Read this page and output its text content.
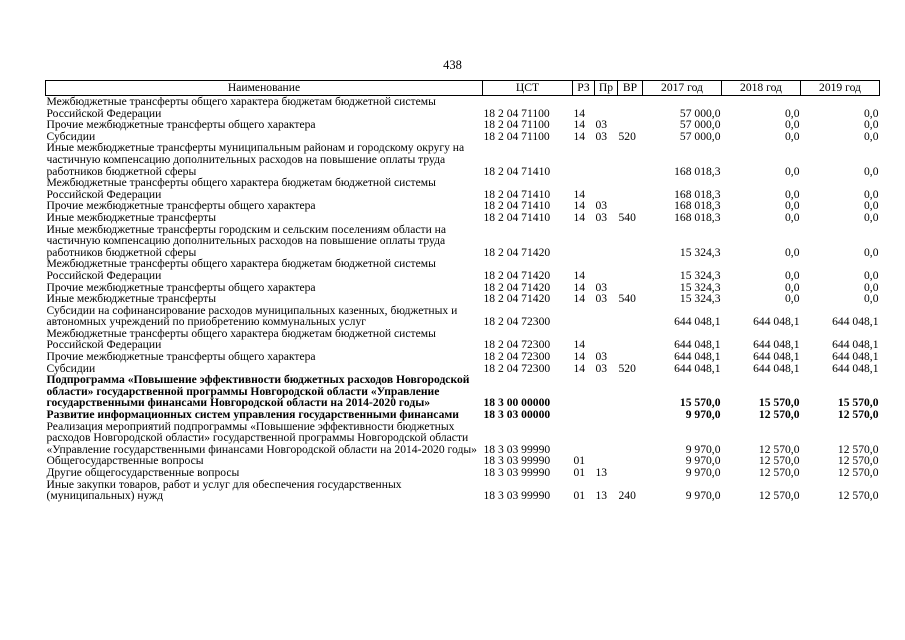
438
Наименование	ЦСТ	РЗ	Пр	ВР	2017 год	2018 год	2019 год
Межбюджетные трансферты общего характера бюджетам бюджетной системы Российской Федерации	18 2 04 71100	14			57 000,0	0,0	0,0
Прочие межбюджетные трансферты общего характера	18 2 04 71100	14	03		57 000,0	0,0	0,0
Субсидии	18 2 04 71100	14	03	520	57 000,0	0,0	0,0
Иные межбюджетные трансферты муниципальным районам и городскому округу на частичную компенсацию дополнительных расходов на повышение оплаты труда работников бюджетной сферы	18 2 04 71410				168 018,3	0,0	0,0
Межбюджетные трансферты общего характера бюджетам бюджетной системы Российской Федерации	18 2 04 71410	14			168 018,3	0,0	0,0
Прочие межбюджетные трансферты общего характера	18 2 04 71410	14	03		168 018,3	0,0	0,0
Иные межбюджетные трансферты	18 2 04 71410	14	03	540	168 018,3	0,0	0,0
Иные межбюджетные трансферты городским и сельским поселениям области на частичную компенсацию дополнительных расходов на повышение оплаты труда работников бюджетной сферы	18 2 04 71420				15 324,3	0,0	0,0
Межбюджетные трансферты общего характера бюджетам бюджетной системы Российской Федерации	18 2 04 71420	14			15 324,3	0,0	0,0
Прочие межбюджетные трансферты общего характера	18 2 04 71420	14	03		15 324,3	0,0	0,0
Иные межбюджетные трансферты	18 2 04 71420	14	03	540	15 324,3	0,0	0,0
Субсидии на софинансирование расходов муниципальных казенных, бюджетных и автономных учреждений по приобретению коммунальных услуг	18 2 04 72300				644 048,1	644 048,1	644 048,1
Межбюджетные трансферты общего характера бюджетам бюджетной системы Российской Федерации	18 2 04 72300	14			644 048,1	644 048,1	644 048,1
Прочие межбюджетные трансферты общего характера	18 2 04 72300	14	03		644 048,1	644 048,1	644 048,1
Субсидии	18 2 04 72300	14	03	520	644 048,1	644 048,1	644 048,1
Подпрограмма «Повышение эффективности бюджетных расходов Новгородской области» государственной программы Новгородской области «Управление государственными финансами Новгородской области на 2014-2020 годы»	18 3 00 00000				15 570,0	15 570,0	15 570,0
Развитие информационных систем управления государственными финансами	18 3 03 00000				9 970,0	12 570,0	12 570,0
Реализация мероприятий подпрограммы «Повышение эффективности бюджетных расходов Новгородской области» государственной программы Новгородской области «Управление государственными финансами Новгородской области на 2014-2020 годы»	18 3 03 99990				9 970,0	12 570,0	12 570,0
Общегосударственные вопросы	18 3 03 99990	01			9 970,0	12 570,0	12 570,0
Другие общегосударственные вопросы	18 3 03 99990	01	13		9 970,0	12 570,0	12 570,0
Иные закупки товаров, работ и услуг для обеспечения государственных (муниципальных) нужд	18 3 03 99990	01	13	240	9 970,0	12 570,0	12 570,0
